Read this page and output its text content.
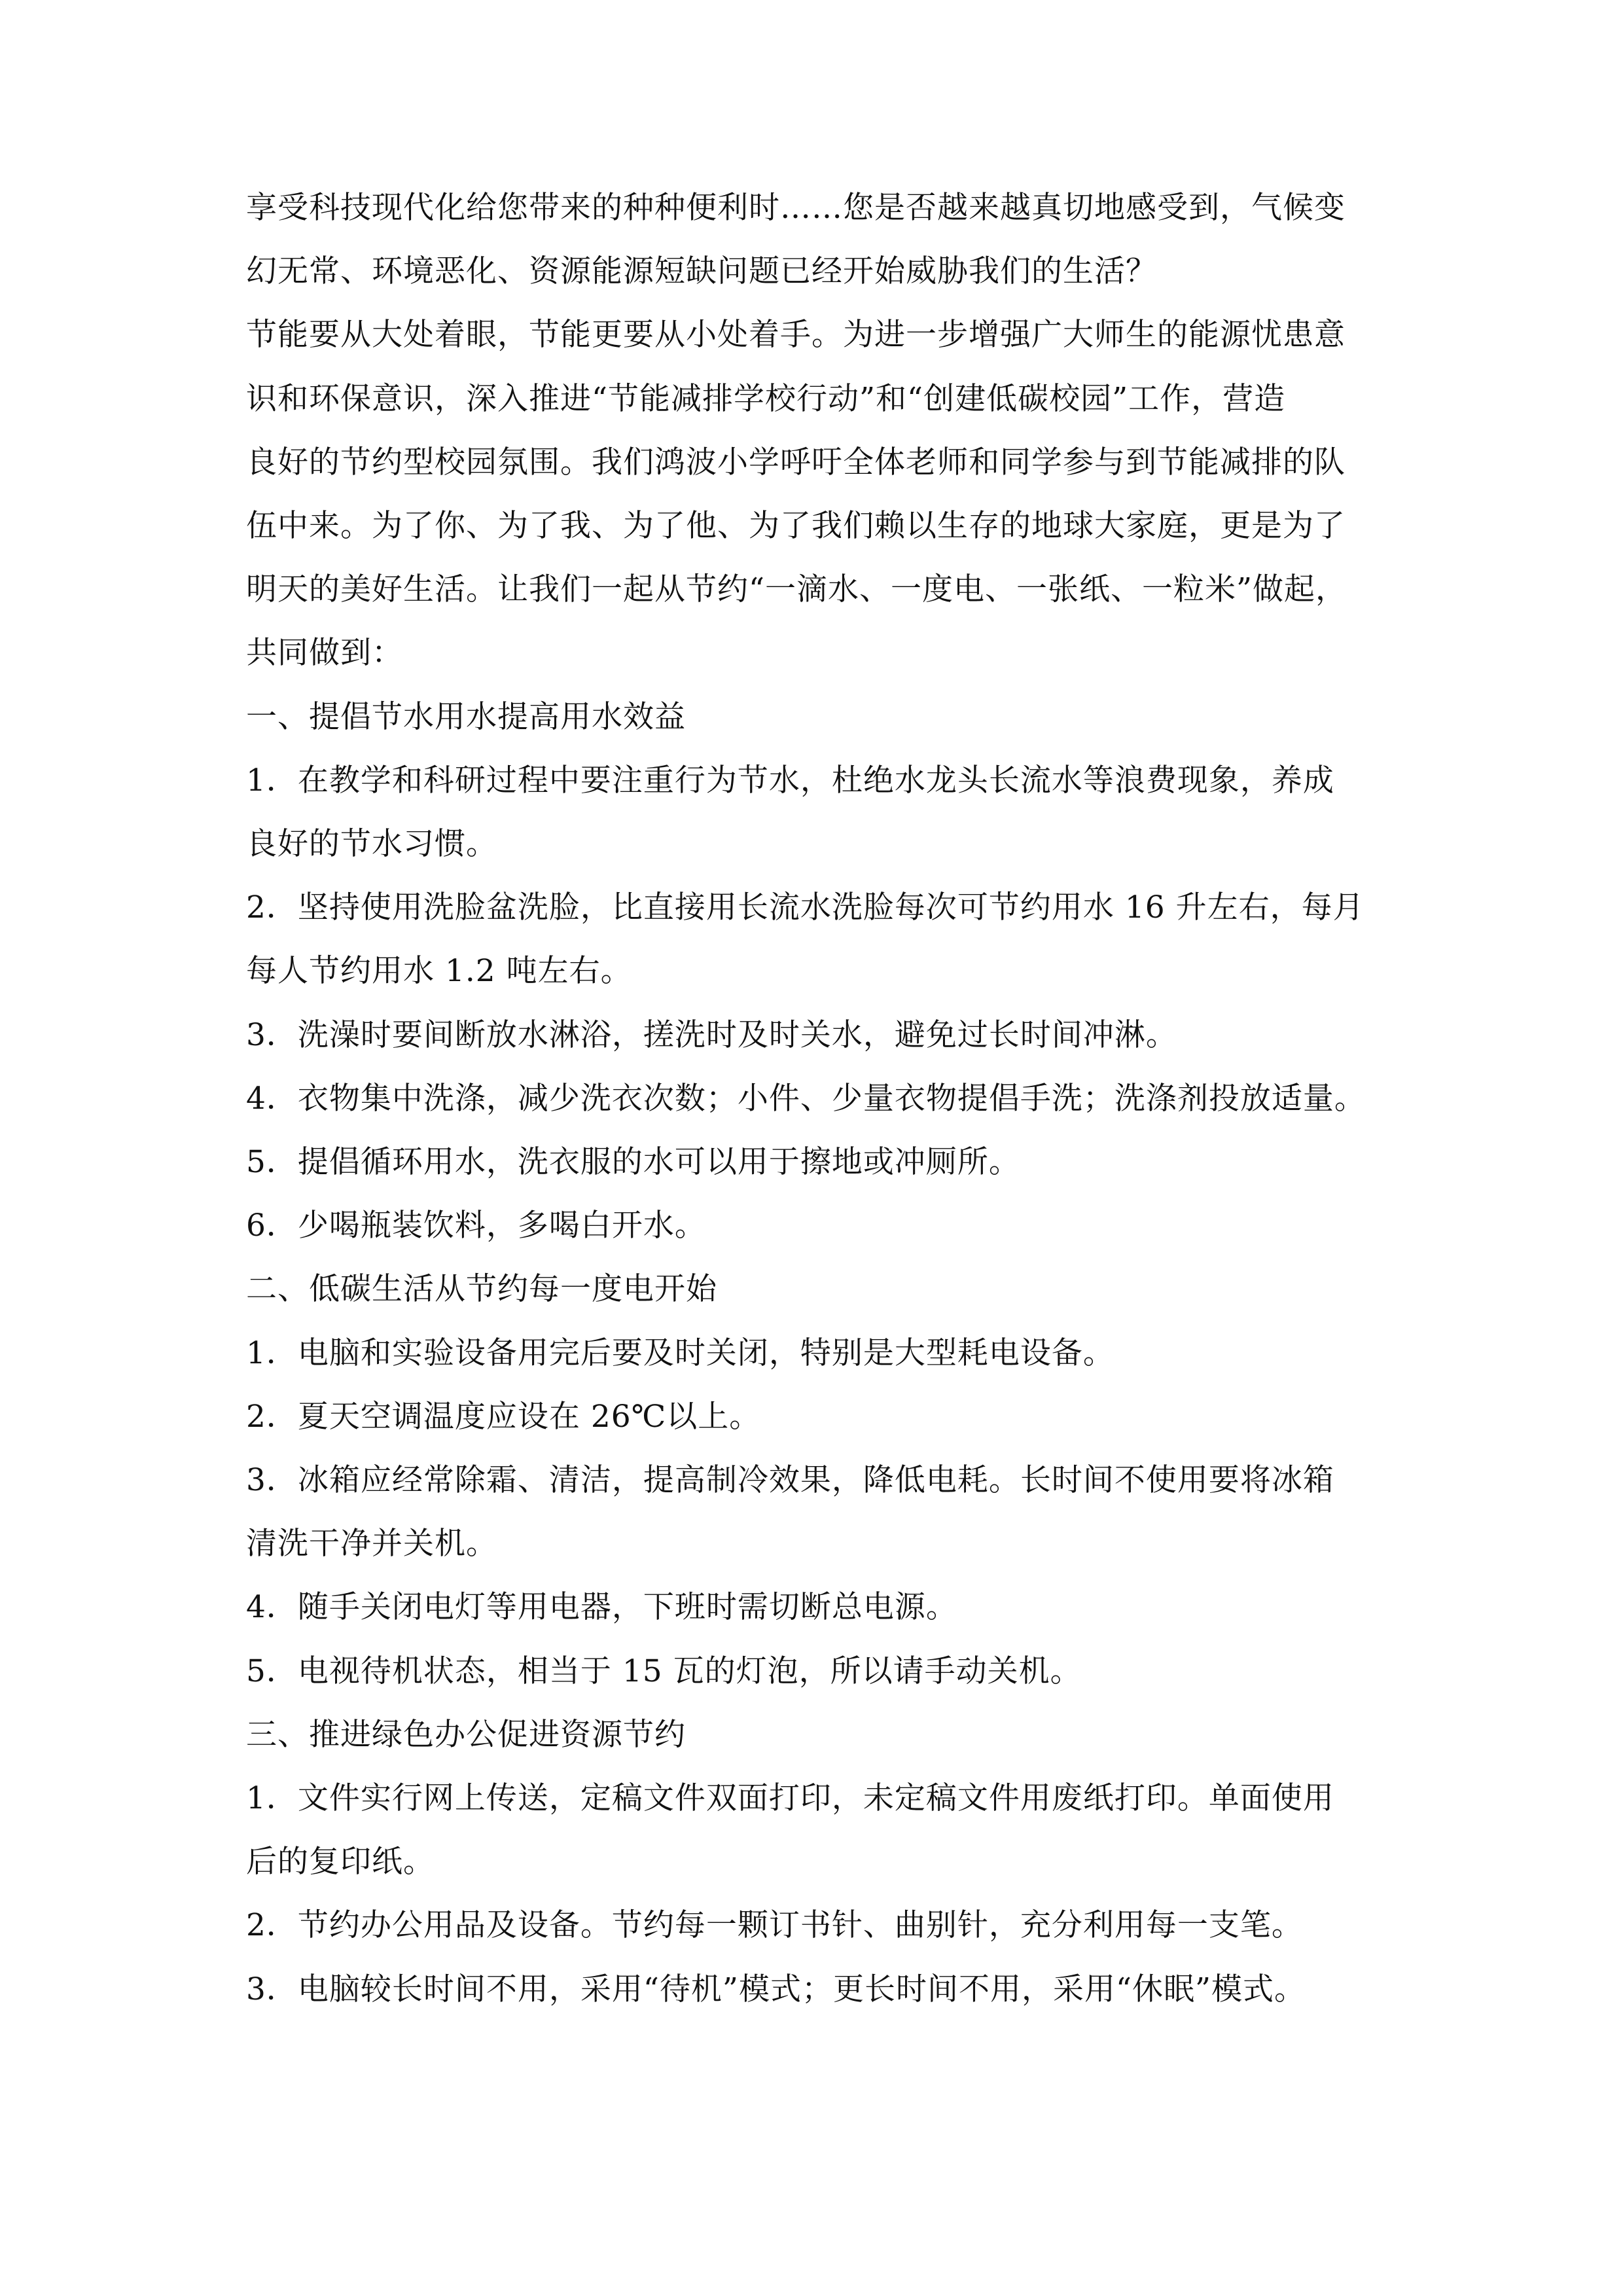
享受科技现代化给您带来的种种便利时……您是否越来越真切地感受到，气候变
幻无常、环境恶化、资源能源短缺问题已经开始威胁我们的生活？
节能要从大处着眼，节能更要从小处着手。为进一步增强广大师生的能源忧患意
识和环保意识，深入推进“节能减排学校行动”和“创建低碳校园”工作，营造
良好的节约型校园氛围。我们鸿波小学呼吁全体老师和同学参与到节能减排的队
伍中来。为了你、为了我、为了他、为了我们赖以生存的地球大家庭，更是为了
明天的美好生活。让我们一起从节约“一滴水、一度电、一张纸、一粒米”做起，
共同做到：
一、提倡节水用水提高用水效益
1．在教学和科研过程中要注重行为节水，杜绝水龙头长流水等浪费现象，养成
良好的节水习惯。
2．坚持使用洗脸盆洗脸，比直接用长流水洗脸每次可节约用水 16 升左右，每月
每人节约用水 1.2 吨左右。
3．洗澡时要间断放水淋浴，搓洗时及时关水，避免过长时间冲淋。
4．衣物集中洗涤，减少洗衣次数；小件、少量衣物提倡手洗；洗涤剂投放适量。
5．提倡循环用水，洗衣服的水可以用于擦地或冲厕所。
6．少喝瓶装饮料，多喝白开水。
二、低碳生活从节约每一度电开始
1．电脑和实验设备用完后要及时关闭，特别是大型耗电设备。
2．夏天空调温度应设在 26℃以上。
3．冰箱应经常除霜、清洁，提高制冷效果，降低电耗。长时间不使用要将冰箱
清洗干净并关机。
4．随手关闭电灯等用电器，下班时需切断总电源。
5．电视待机状态，相当于 15 瓦的灯泡，所以请手动关机。
三、推进绿色办公促进资源节约
1．文件实行网上传送，定稿文件双面打印，未定稿文件用废纸打印。单面使用
后的复印纸。
2．节约办公用品及设备。节约每一颗订书针、曲别针，充分利用每一支笔。
3．电脑较长时间不用，采用“待机”模式；更长时间不用，采用“休眠”模式。
